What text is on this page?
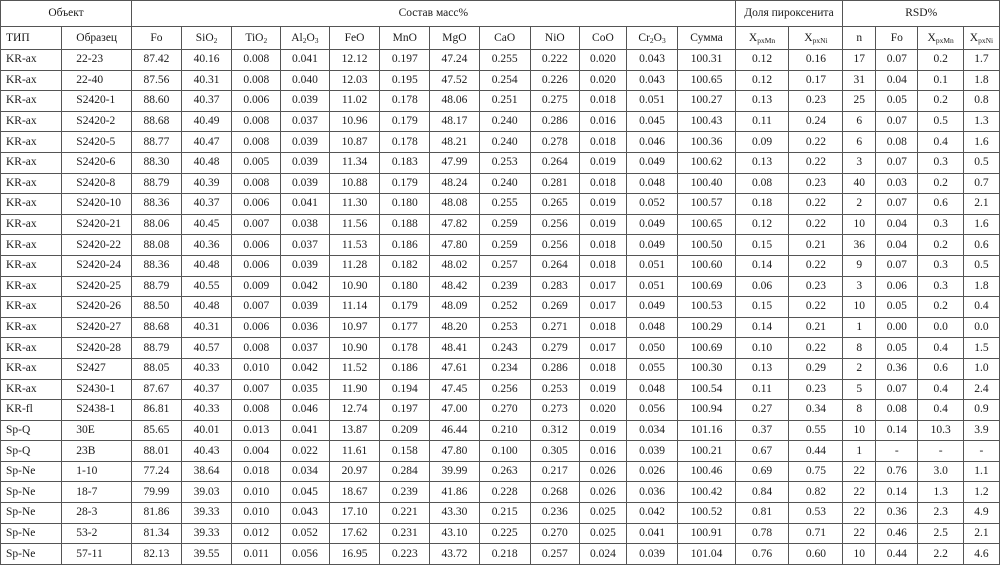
Объект		Состав масс%												Доля пироксенита		RSD%			
ТИП	Образец	Fo	SiO$_2$	TiO$_2$	$Al_2O_3$	FeO	MnO	MgO	CaO	NiO	CoO	$Cr_2O_3$	Сумма	$X_{pxMn}$	$X_{pxNi}$	n	Fo	$X_{pxMn}$	$X_{pxNi}$
KR-ax	22-23	87.42	40.16	0.008	0.041	12.12	0.197	47.24	0.255	0.222	0.020	0.043	100.31	0.12	0.16	17	0.07	0.2	1.7
KR-ax	22-40	87.56	40.31	0.008	0.040	12.03	0.195	47.52	0.254	0.226	0.020	0.043	100.65	0.12	0.17	31	0.04	0.1	1.8
KR-ax	S2420-1	88.60	40.37	0.006	0.039	11.02	0.178	48.06	0.251	0.275	0.018	0.051	100.27	0.13	0.23	25	0.05	0.2	0.8
KR-ax	S2420-2	88.68	40.49	0.008	0.037	10.96	0.179	48.17	0.240	0.286	0.016	0.045	100.43	0.11	0.24	6	0.07	0.5	1.3
KR-ax	S2420-5	88.77	40.47	0.008	0.039	10.87	0.178	48.21	0.240	0.278	0.018	0.046	100.36	0.09	0.22	6	0.08	0.4	1.6
KR-ax	S2420-6	88.30	40.48	0.005	0.039	11.34	0.183	47.99	0.253	0.264	0.019	0.049	100.62	0.13	0.22	3	0.07	0.3	0.5
KR-ax	S2420-8	88.79	40.39	0.008	0.039	10.88	0.179	48.24	0.240	0.281	0.018	0.048	100.40	0.08	0.23	40	0.03	0.2	0.7
KR-ax	S2420-10	88.36	40.37	0.006	0.041	11.30	0.180	48.08	0.255	0.265	0.019	0.052	100.57	0.18	0.22	2	0.07	0.6	2.1
KR-ax	S2420-21	88.06	40.45	0.007	0.038	11.56	0.188	47.82	0.259	0.256	0.019	0.049	100.65	0.12	0.22	10	0.04	0.3	1.6
KR-ax	S2420-22	88.08	40.36	0.006	0.037	11.53	0.186	47.80	0.259	0.256	0.018	0.049	100.50	0.15	0.21	36	0.04	0.2	0.6
KR-ax	S2420-24	88.36	40.48	0.006	0.039	11.28	0.182	48.02	0.257	0.264	0.018	0.051	100.60	0.14	0.22	9	0.07	0.3	0.5
KR-ax	S2420-25	88.79	40.55	0.009	0.042	10.90	0.180	48.42	0.239	0.283	0.017	0.051	100.69	0.06	0.23	3	0.06	0.3	1.8
KR-ax	S2420-26	88.50	40.48	0.007	0.039	11.14	0.179	48.09	0.252	0.269	0.017	0.049	100.53	0.15	0.22	10	0.05	0.2	0.4
KR-ax	S2420-27	88.68	40.31	0.006	0.036	10.97	0.177	48.20	0.253	0.271	0.018	0.048	100.29	0.14	0.21	1	0.00	0.0	0.0
KR-ax	S2420-28	88.79	40.57	0.008	0.037	10.90	0.178	48.41	0.243	0.279	0.017	0.050	100.69	0.10	0.22	8	0.05	0.4	1.5
KR-ax	S2427	88.05	40.33	0.010	0.042	11.52	0.186	47.61	0.234	0.286	0.018	0.055	100.30	0.13	0.29	2	0.36	0.6	1.0
KR-ax	S2430-1	87.67	40.37	0.007	0.035	11.90	0.194	47.45	0.256	0.253	0.019	0.048	100.54	0.11	0.23	5	0.07	0.4	2.4
KR-fl	S2438-1	86.81	40.33	0.008	0.046	12.74	0.197	47.00	0.270	0.273	0.020	0.056	100.94	0.27	0.34	8	0.08	0.4	0.9
Sp-Q	30E	85.65	40.01	0.013	0.041	13.87	0.209	46.44	0.210	0.312	0.019	0.034	101.16	0.37	0.55	10	0.14	10.3	3.9
Sp-Q	23B	88.01	40.43	0.004	0.022	11.61	0.158	47.80	0.100	0.305	0.016	0.039	100.21	0.67	0.44	1	-	-	-
Sp-Ne	1-10	77.24	38.64	0.018	0.034	20.97	0.284	39.99	0.263	0.217	0.026	0.026	100.46	0.69	0.75	22	0.76	3.0	1.1
Sp-Ne	18-7	79.99	39.03	0.010	0.045	18.67	0.239	41.86	0.228	0.268	0.026	0.036	100.42	0.84	0.82	22	0.14	1.3	1.2
Sp-Ne	28-3	81.86	39.33	0.010	0.043	17.10	0.221	43.30	0.215	0.236	0.025	0.042	100.52	0.81	0.53	22	0.36	2.3	4.9
Sp-Ne	53-2	81.34	39.33	0.012	0.052	17.62	0.231	43.10	0.225	0.270	0.025	0.041	100.91	0.78	0.71	22	0.46	2.5	2.1
Sp-Ne	57-11	82.13	39.55	0.011	0.056	16.95	0.223	43.72	0.218	0.257	0.024	0.039	101.04	0.76	0.60	10	0.44	2.2	4.6
